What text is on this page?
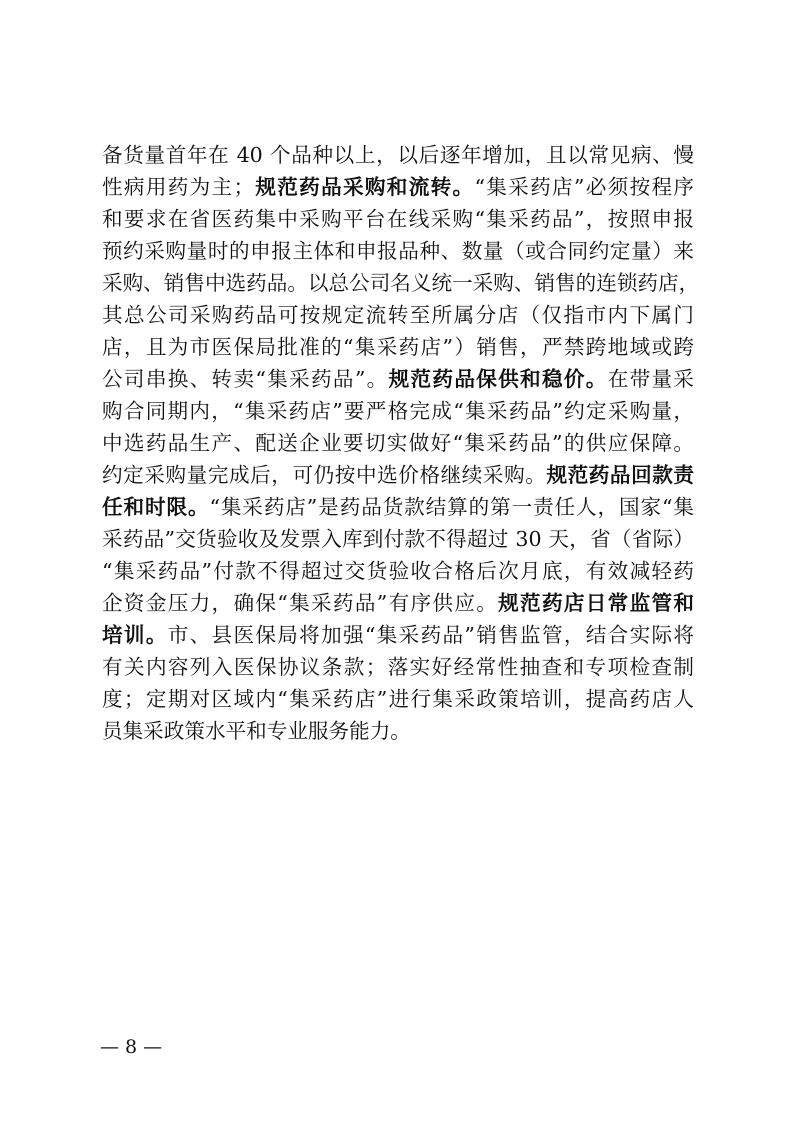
备货量首年在 40 个品种以上，以后逐年增加，且以常见病、慢
性病用药为主；规范药品采购和流转。“集采药店”必须按程序
和要求在省医药集中采购平台在线采购“集采药品”，按照申报
预约采购量时的申报主体和申报品种、数量（或合同约定量）来
采购、销售中选药品。以总公司名义统一采购、销售的连锁药店，
其总公司采购药品可按规定流转至所属分店（仅指市内下属门
店，且为市医保局批准的“集采药店”）销售，严禁跨地域或跨
公司串换、转卖“集采药品”。规范药品保供和稳价。在带量采
购合同期内，“集采药店”要严格完成“集采药品”约定采购量，
中选药品生产、配送企业要切实做好“集采药品”的供应保障。
约定采购量完成后，可仍按中选价格继续采购。规范药品回款责
任和时限。“集采药店”是药品货款结算的第一责任人，国家“集
采药品”交货验收及发票入库到付款不得超过 30 天，省（省际）
“集采药品”付款不得超过交货验收合格后次月底，有效减轻药
企资金压力，确保“集采药品”有序供应。规范药店日常监管和
培训。市、县医保局将加强“集采药品”销售监管，结合实际将
有关内容列入医保协议条款；落实好经常性抽查和专项检查制
度；定期对区域内“集采药店”进行集采政策培训，提高药店人
员集采政策水平和专业服务能力。
— 8 —
